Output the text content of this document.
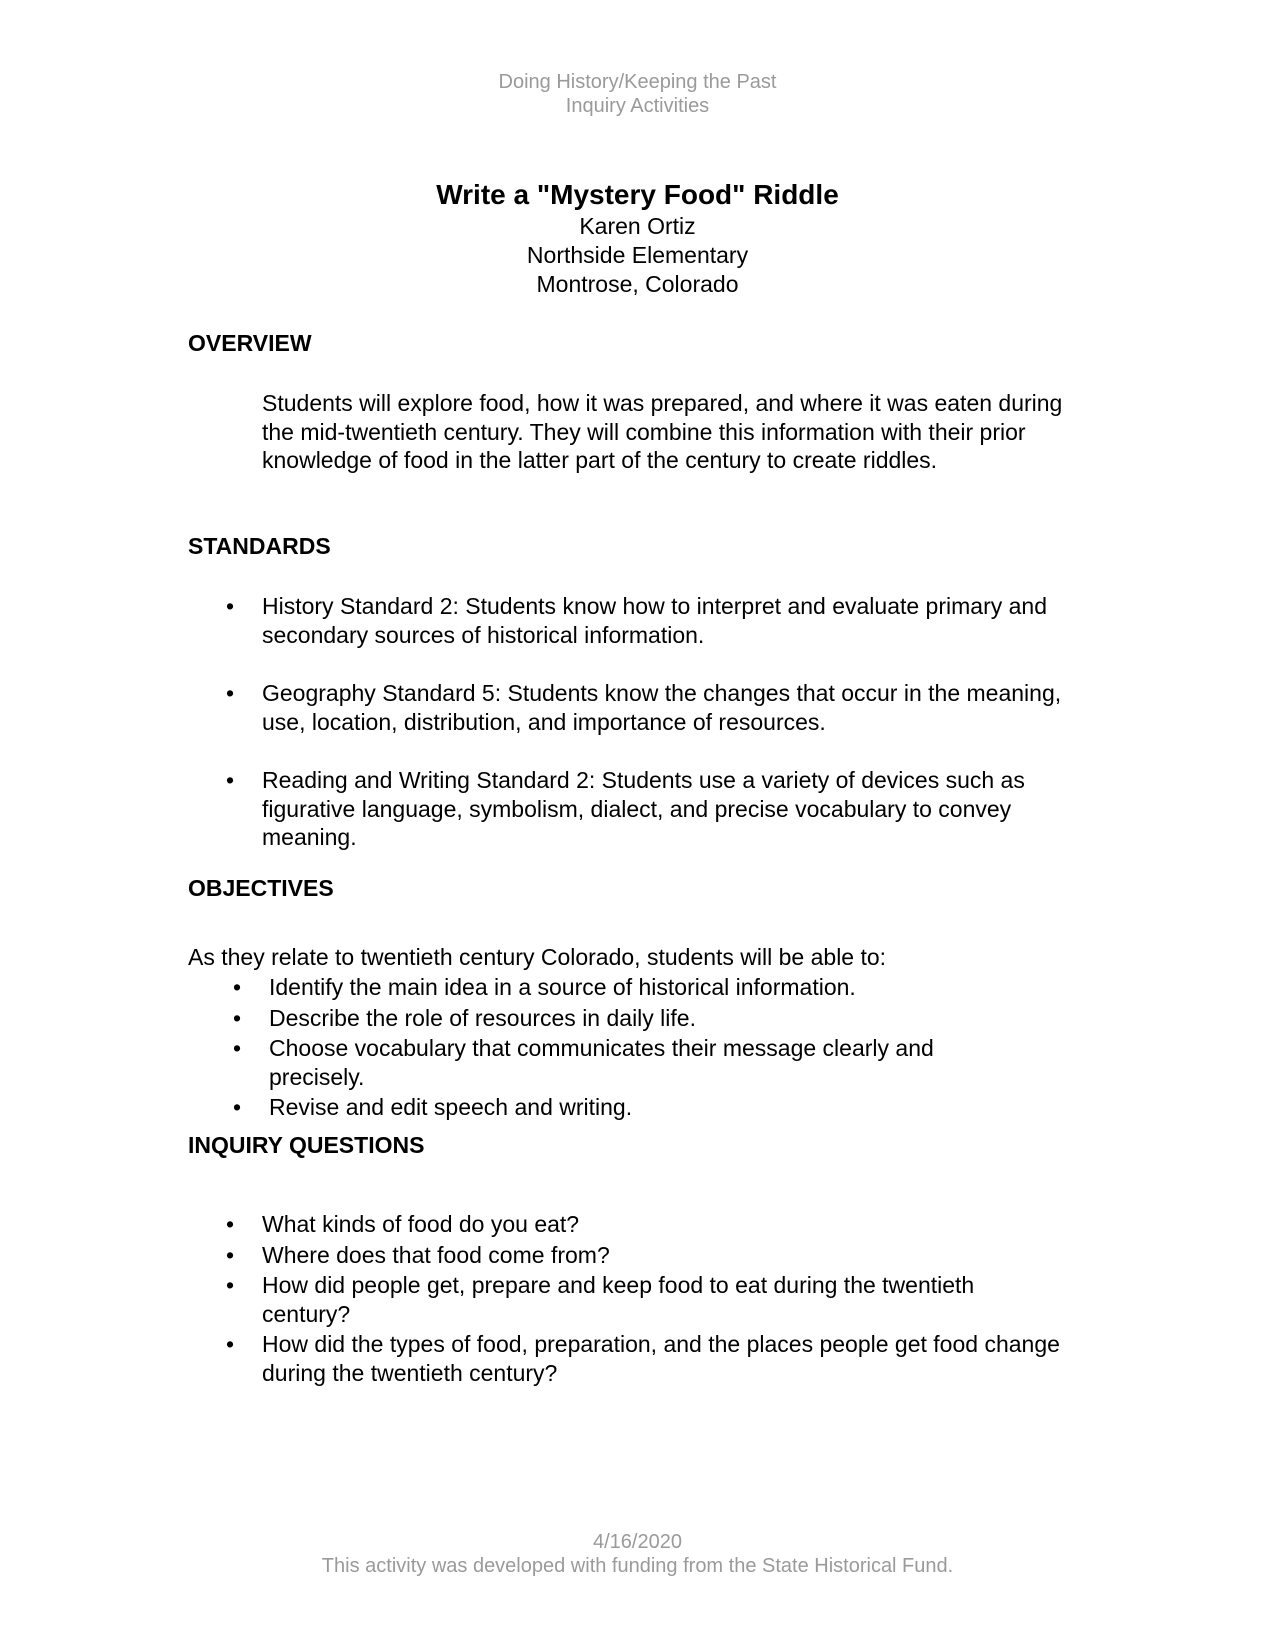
Doing History/Keeping the Past
Inquiry Activities
Write a "Mystery Food" Riddle
Karen Ortiz
Northside Elementary
Montrose, Colorado
OVERVIEW

Students will explore food, how it was prepared, and where it was eaten during the mid-twentieth century. They will combine this information with their prior knowledge of food in the latter part of the century to create riddles.

STANDARDS
• History Standard 2: Students know how to interpret and evaluate primary and secondary sources of historical information.
• Geography Standard 5: Students know the changes that occur in the meaning, use, location, distribution, and importance of resources.
• Reading and Writing Standard 2: Students use a variety of devices such as figurative language, symbolism, dialect, and precise vocabulary to convey meaning.
OBJECTIVES

As they relate to twentieth century Colorado, students will be able to:

• Identify the main idea in a source of historical information.
• Describe the role of resources in daily life.
• Choose vocabulary that communicates their message clearly and precisely.
• Revise and edit speech and writing.
INQUIRY QUESTIONS
• What kinds of food do you eat?
• Where does that food come from?
• How did people get, prepare and keep food to eat during the twentieth century?
• How did the types of food, preparation, and the places people get food change during the twentieth century?
4/16/2020
This activity was developed with funding from the State Historical Fund.
